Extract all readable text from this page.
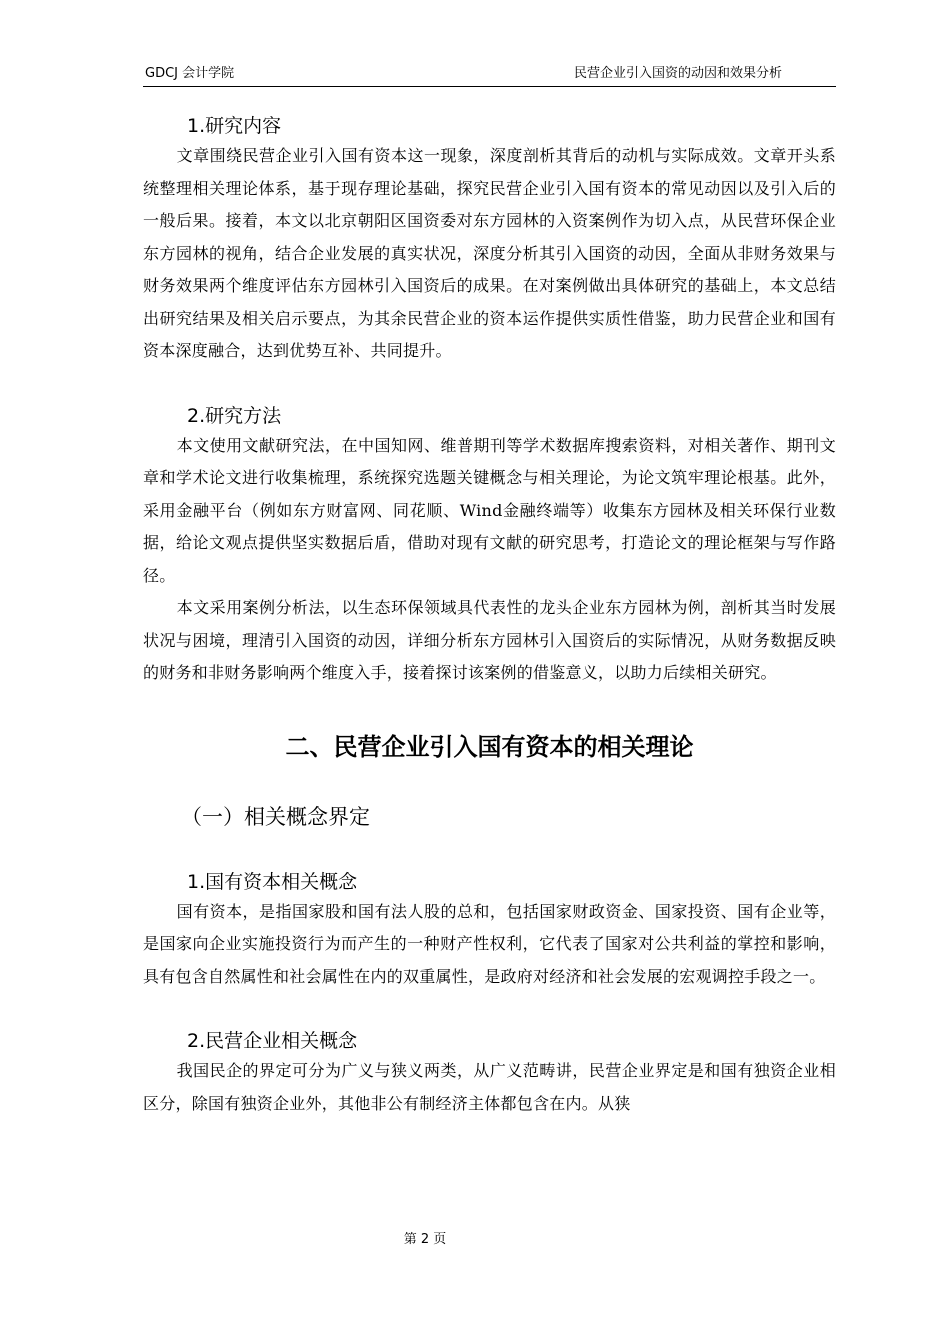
GDCJ 会计学院	民营企业引入国资的动因和效果分析
1.研究内容

文章围绕民营企业引入国有资本这一现象，深度剖析其背后的动机与实际成效。文章开头系统整理相关理论体系，基于现存理论基础，探究民营企业引入国有资本的常见动因以及引入后的一般后果。接着，本文以北京朝阳区国资委对东方园林的入资案例作为切入点，从民营环保企业东方园林的视角，结合企业发展的真实状况，深度分析其引入国资的动因，全面从非财务效果与财务效果两个维度评估东方园林引入国资后的成果。在对案例做出具体研究的基础上，本文总结出研究结果及相关启示要点，为其余民营企业的资本运作提供实质性借鉴，助力民营企业和国有资本深度融合，达到优势互补、共同提升。

2.研究方法

本文使用文献研究法，在中国知网、维普期刊等学术数据库搜索资料，对相关著作、期刊文章和学术论文进行收集梳理，系统探究选题关键概念与相关理论，为论文筑牢理论根基。此外，采用金融平台（例如东方财富网、同花顺、Wind金融终端等）收集东方园林及相关环保行业数据，给论文观点提供坚实数据后盾，借助对现有文献的研究思考，打造论文的理论框架与写作路径。

本文采用案例分析法，以生态环保领域具代表性的龙头企业东方园林为例，剖析其当时发展状况与困境，理清引入国资的动因，详细分析东方园林引入国资后的实际情况，从财务数据反映的财务和非财务影响两个维度入手，接着探讨该案例的借鉴意义，以助力后续相关研究。

二、民营企业引入国有资本的相关理论
（一）相关概念界定
1.国有资本相关概念

国有资本，是指国家股和国有法人股的总和，包括国家财政资金、国家投资、国有企业等，是国家向企业实施投资行为而产生的一种财产性权利，它代表了国家对公共利益的掌控和影响，具有包含自然属性和社会属性在内的双重属性，是政府对经济和社会发展的宏观调控手段之一。

2.民营企业相关概念

我国民企的界定可分为广义与狭义两类，从广义范畴讲，民营企业界定是和国有独资企业相区分，除国有独资企业外，其他非公有制经济主体都包含在内。从狭

第 2 页
